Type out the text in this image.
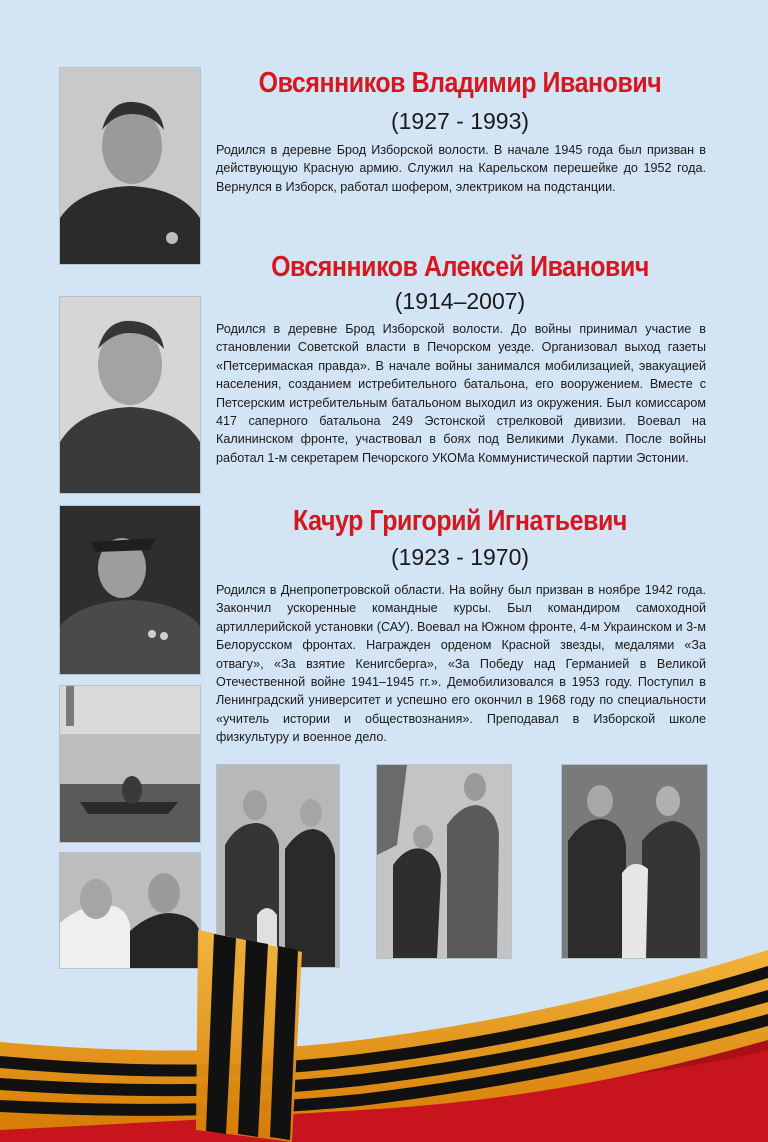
Овсянников Владимир Иванович
(1927 - 1993)

Родился в деревне Брод Изборской волости. В начале 1945 года был призван в действующую Красную армию. Служил на Карельском перешейке до 1952 года. Вернулся в Изборск, работал шофером, электриком на подстанции.

Овсянников Алексей Иванович
(1914–2007)

Родился в деревне Брод Изборской волости. До войны принимал участие в становлении Советской власти в Печорском уезде. Организовал выход газеты «Петсеримаская правда». В начале войны занимался мобилизацией, эвакуацией населения, созданием истребительного батальона, его вооружением. Вместе с Петсерским истребительным батальоном выходил из окружения. Был комиссаром 417 саперного батальона 249 Эстонской стрелковой дивизии. Воевал на Калининском фронте, участвовал в боях под Великими Луками. После войны работал 1-м секретарем Печорского УКОМа Коммунистической партии Эстонии.

Качур Григорий Игнатьевич
(1923 - 1970)

Родился в Днепропетровской области. На войну был призван в ноябре 1942 года. Закончил ускоренные командные курсы. Был командиром самоходной артиллерийской установки (САУ). Воевал на Южном фронте, 4-м Украинском и 3-м Белорусском фронтах. Награжден орденом Красной звезды, медалями «За отвагу», «За взятие Кенигсберга», «За Победу над Германией в Великой Отечественной войне 1941–1945 гг.». Демобилизовался в 1953 году. Поступил в Ленинградский университет и успешно его окончил в 1968 году по специальности «учитель истории и обществознания». Преподавал в Изборской школе физкультуру и военное дело.
